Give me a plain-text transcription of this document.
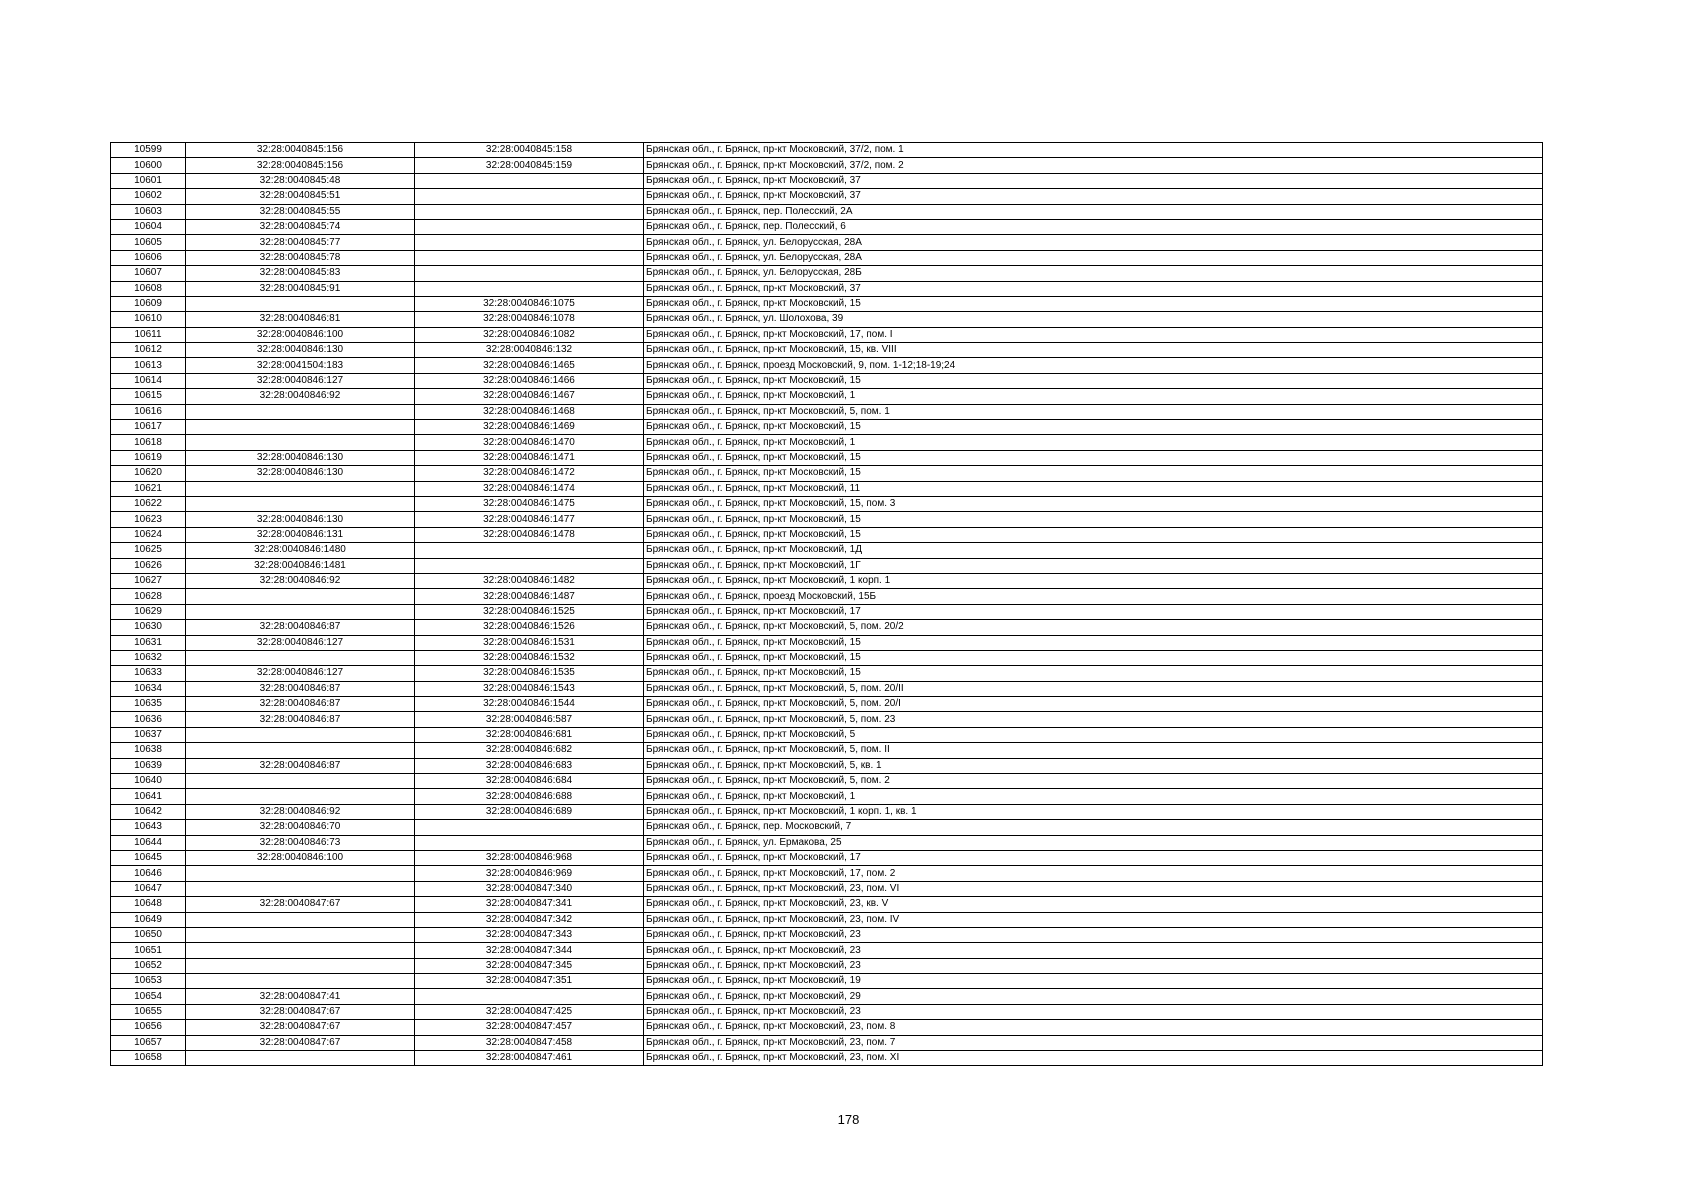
10599	32:28:0040845:156	32:28:0040845:158	Брянская обл., г. Брянск, пр-кт Московский, 37/2, пом. 1
10600	32:28:0040845:156	32:28:0040845:159	Брянская обл., г. Брянск, пр-кт Московский, 37/2, пом. 2
10601	32:28:0040845:48		Брянская обл., г. Брянск, пр-кт Московский, 37
10602	32:28:0040845:51		Брянская обл., г. Брянск, пр-кт Московский, 37
10603	32:28:0040845:55		Брянская обл., г. Брянск, пер. Полесский, 2А
10604	32:28:0040845:74		Брянская обл., г. Брянск, пер. Полесский, 6
10605	32:28:0040845:77		Брянская обл., г. Брянск, ул. Белорусская, 28А
10606	32:28:0040845:78		Брянская обл., г. Брянск, ул. Белорусская, 28А
10607	32:28:0040845:83		Брянская обл., г. Брянск, ул. Белорусская, 28Б
10608	32:28:0040845:91		Брянская обл., г. Брянск, пр-кт Московский, 37
10609		32:28:0040846:1075	Брянская обл., г. Брянск, пр-кт Московский, 15
10610	32:28:0040846:81	32:28:0040846:1078	Брянская обл., г. Брянск, ул. Шолохова, 39
10611	32:28:0040846:100	32:28:0040846:1082	Брянская обл., г. Брянск, пр-кт Московский, 17, пом. I
10612	32:28:0040846:130	32:28:0040846:132	Брянская обл., г. Брянск, пр-кт Московский, 15, кв. VIII
10613	32:28:0041504:183	32:28:0040846:1465	Брянская обл., г. Брянск, проезд Московский, 9, пом. 1-12;18-19;24
10614	32:28:0040846:127	32:28:0040846:1466	Брянская обл., г. Брянск, пр-кт Московский, 15
10615	32:28:0040846:92	32:28:0040846:1467	Брянская обл., г. Брянск, пр-кт Московский, 1
10616		32:28:0040846:1468	Брянская обл., г. Брянск, пр-кт Московский, 5, пом. 1
10617		32:28:0040846:1469	Брянская обл., г. Брянск, пр-кт Московский, 15
10618		32:28:0040846:1470	Брянская обл., г. Брянск, пр-кт Московский, 1
10619	32:28:0040846:130	32:28:0040846:1471	Брянская обл., г. Брянск, пр-кт Московский, 15
10620	32:28:0040846:130	32:28:0040846:1472	Брянская обл., г. Брянск, пр-кт Московский, 15
10621		32:28:0040846:1474	Брянская обл., г. Брянск, пр-кт Московский, 11
10622		32:28:0040846:1475	Брянская обл., г. Брянск, пр-кт Московский, 15, пом. 3
10623	32:28:0040846:130	32:28:0040846:1477	Брянская обл., г. Брянск, пр-кт Московский, 15
10624	32:28:0040846:131	32:28:0040846:1478	Брянская обл., г. Брянск, пр-кт Московский, 15
10625	32:28:0040846:1480		Брянская обл., г. Брянск, пр-кт Московский, 1Д
10626	32:28:0040846:1481		Брянская обл., г. Брянск, пр-кт Московский, 1Г
10627	32:28:0040846:92	32:28:0040846:1482	Брянская обл., г. Брянск, пр-кт Московский, 1 корп. 1
10628		32:28:0040846:1487	Брянская обл., г. Брянск, проезд Московский, 15Б
10629		32:28:0040846:1525	Брянская обл., г. Брянск, пр-кт Московский, 17
10630	32:28:0040846:87	32:28:0040846:1526	Брянская обл., г. Брянск, пр-кт Московский, 5, пом. 20/2
10631	32:28:0040846:127	32:28:0040846:1531	Брянская обл., г. Брянск, пр-кт Московский, 15
10632		32:28:0040846:1532	Брянская обл., г. Брянск, пр-кт Московский, 15
10633	32:28:0040846:127	32:28:0040846:1535	Брянская обл., г. Брянск, пр-кт Московский, 15
10634	32:28:0040846:87	32:28:0040846:1543	Брянская обл., г. Брянск, пр-кт Московский, 5, пом. 20/II
10635	32:28:0040846:87	32:28:0040846:1544	Брянская обл., г. Брянск, пр-кт Московский, 5, пом. 20/I
10636	32:28:0040846:87	32:28:0040846:587	Брянская обл., г. Брянск, пр-кт Московский, 5, пом. 23
10637		32:28:0040846:681	Брянская обл., г. Брянск, пр-кт Московский, 5
10638		32:28:0040846:682	Брянская обл., г. Брянск, пр-кт Московский, 5, пом. II
10639	32:28:0040846:87	32:28:0040846:683	Брянская обл., г. Брянск, пр-кт Московский, 5, кв. 1
10640		32:28:0040846:684	Брянская обл., г. Брянск, пр-кт Московский, 5, пом. 2
10641		32:28:0040846:688	Брянская обл., г. Брянск, пр-кт Московский, 1
10642	32:28:0040846:92	32:28:0040846:689	Брянская обл., г. Брянск, пр-кт Московский, 1 корп. 1, кв. 1
10643	32:28:0040846:70		Брянская обл., г. Брянск, пер. Московский, 7
10644	32:28:0040846:73		Брянская обл., г. Брянск, ул. Ермакова, 25
10645	32:28:0040846:100	32:28:0040846:968	Брянская обл., г. Брянск, пр-кт Московский, 17
10646		32:28:0040846:969	Брянская обл., г. Брянск, пр-кт Московский, 17, пом. 2
10647		32:28:0040847:340	Брянская обл., г. Брянск, пр-кт Московский, 23, пом. VI
10648	32:28:0040847:67	32:28:0040847:341	Брянская обл., г. Брянск, пр-кт Московский, 23, кв. V
10649		32:28:0040847:342	Брянская обл., г. Брянск, пр-кт Московский, 23, пом. IV
10650		32:28:0040847:343	Брянская обл., г. Брянск, пр-кт Московский, 23
10651		32:28:0040847:344	Брянская обл., г. Брянск, пр-кт Московский, 23
10652		32:28:0040847:345	Брянская обл., г. Брянск, пр-кт Московский, 23
10653		32:28:0040847:351	Брянская обл., г. Брянск, пр-кт Московский, 19
10654	32:28:0040847:41		Брянская обл., г. Брянск, пр-кт Московский, 29
10655	32:28:0040847:67	32:28:0040847:425	Брянская обл., г. Брянск, пр-кт Московский, 23
10656	32:28:0040847:67	32:28:0040847:457	Брянская обл., г. Брянск, пр-кт Московский, 23, пом. 8
10657	32:28:0040847:67	32:28:0040847:458	Брянская обл., г. Брянск, пр-кт Московский, 23, пом. 7
10658		32:28:0040847:461	Брянская обл., г. Брянск, пр-кт Московский, 23, пом. XI
178
